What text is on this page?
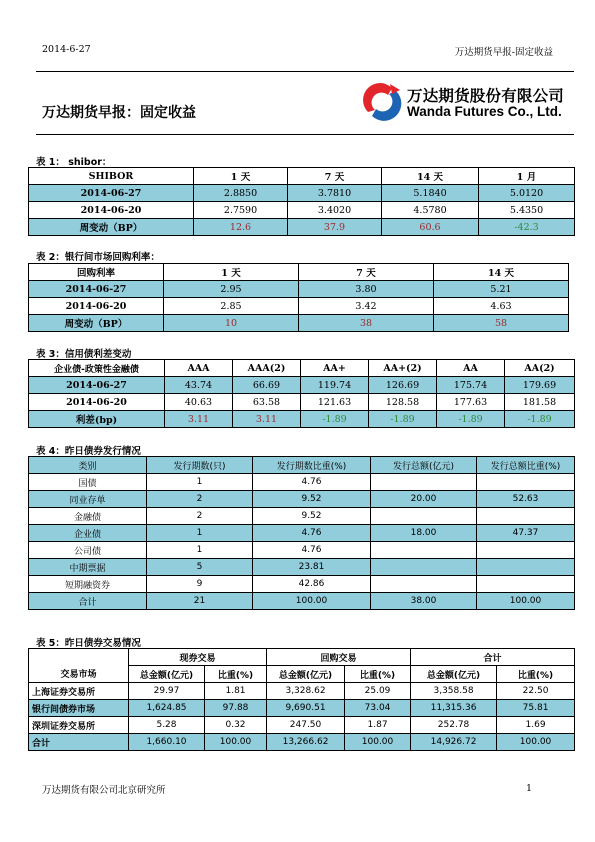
2014-6-27	万达期货早报-固定收益
万达期货早报：固定收益
万达期货股份有限公司
Wanda Futures Co., Ltd.
表 1： shibor：
SHIBOR	1 天	7 天	14 天	1 月
2014-06-27	2.8850	3.7810	5.1840	5.0120
2014-06-20	2.7590	3.4020	4.5780	5.4350
周变动（BP）	12.6	37.9	60.6	-42.3
表 2：银行间市场回购利率：
回购利率	1 天	7 天	14 天
2014-06-27	2.95	3.80	5.21
2014-06-20	2.85	3.42	4.63
周变动（BP）	10	38	58
表 3：信用债利差变动
企业债-政策性金融债	AAA	AAA(2)	AA+	AA+(2)	AA	AA(2)
2014-06-27	43.74	66.69	119.74	126.69	175.74	179.69
2014-06-20	40.63	63.58	121.63	128.58	177.63	181.58
利差(bp)	3.11	3.11	-1.89	-1.89	-1.89	-1.89
表 4：昨日债券发行情况
类别	发行期数(只)	发行期数比重(%)	发行总额(亿元)	发行总额比重(%)
国债	1	4.76		
同业存单	2	9.52	20.00	52.63
金融债	2	9.52		
企业债	1	4.76	18.00	47.37
公司债	1	4.76		
中期票据	5	23.81		
短期融资券	9	42.86		
合计	21	100.00	38.00	100.00
表 5：昨日债券交易情况
	现券交易		回购交易		合计	
交易市场	总金额(亿元)	比重(%)	总金额(亿元)	比重(%)	总金额(亿元)	比重(%)
上海证券交易所	29.97	1.81	3,328.62	25.09	3,358.58	22.50
银行间债券市场	1,624.85	97.88	9,690.51	73.04	11,315.36	75.81
深圳证券交易所	5.28	0.32	247.50	1.87	252.78	1.69
合计	1,660.10	100.00	13,266.62	100.00	14,926.72	100.00
万达期货有限公司北京研究所	1
